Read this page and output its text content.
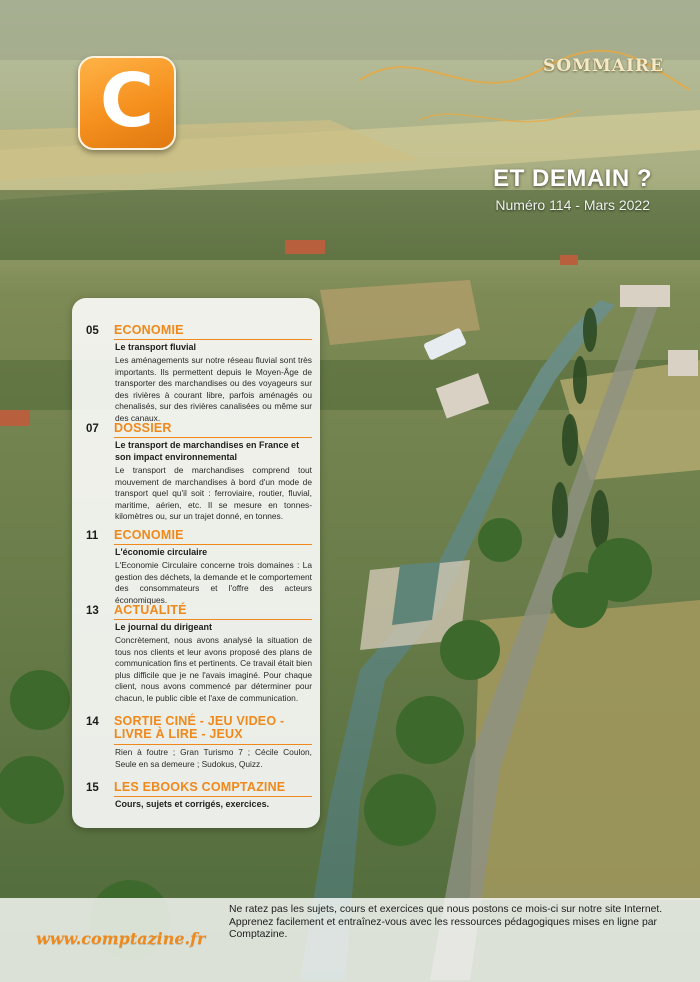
C	SOMMAIRE
ET DEMAIN ?
Numéro 114 - Mars 2022
05 ECONOMIE
Le transport fluvial
Les aménagements sur notre réseau fluvial sont très importants. Ils permettent depuis le Moyen-Âge de transporter des marchandises ou des voyageurs sur des rivières à courant libre, parfois aménagés ou chenalisés, sur des rivières canalisées ou même sur des canaux.
07 DOSSIER
Le transport de marchandises en France et son impact environnemental
Le transport de marchandises comprend tout mouvement de marchandises à bord d'un mode de transport quel qu'il soit : ferroviaire, routier, fluvial, maritime, aérien, etc. Il se mesure en tonnes-kilomètres ou, sur un trajet donné, en tonnes.
11 ECONOMIE
L'économie circulaire
L'Economie Circulaire concerne trois domaines : La gestion des déchets, la demande et le comportement des consommateurs et l'offre des acteurs économiques.
13 ACTUALITÉ
Le journal du dirigeant
Concrètement, nous avons analysé la situation de tous nos clients et leur avons proposé des plans de communication fins et pertinents. Ce travail était bien plus difficile que je ne l'avais imaginé. Pour chaque client, nous avons commencé par déterminer pour chacun, le public cible et l'axe de communication.
14 SORTIE CINÉ - JEU VIDEO - LIVRE À LIRE - JEUX
Rien à foutre ; Gran Turismo 7 ; Cécile Coulon, Seule en sa demeure ; Sudokus, Quizz.
15 LES EBOOKS COMPTAZINE
Cours, sujets et corrigés, exercices.
www.comptazine.fr
Ne ratez pas les sujets, cours et exercices que nous postons ce mois-ci sur notre site Internet. Apprenez facilement et entraînez-vous avec les ressources pédagogiques mises en ligne par Comptazine.
